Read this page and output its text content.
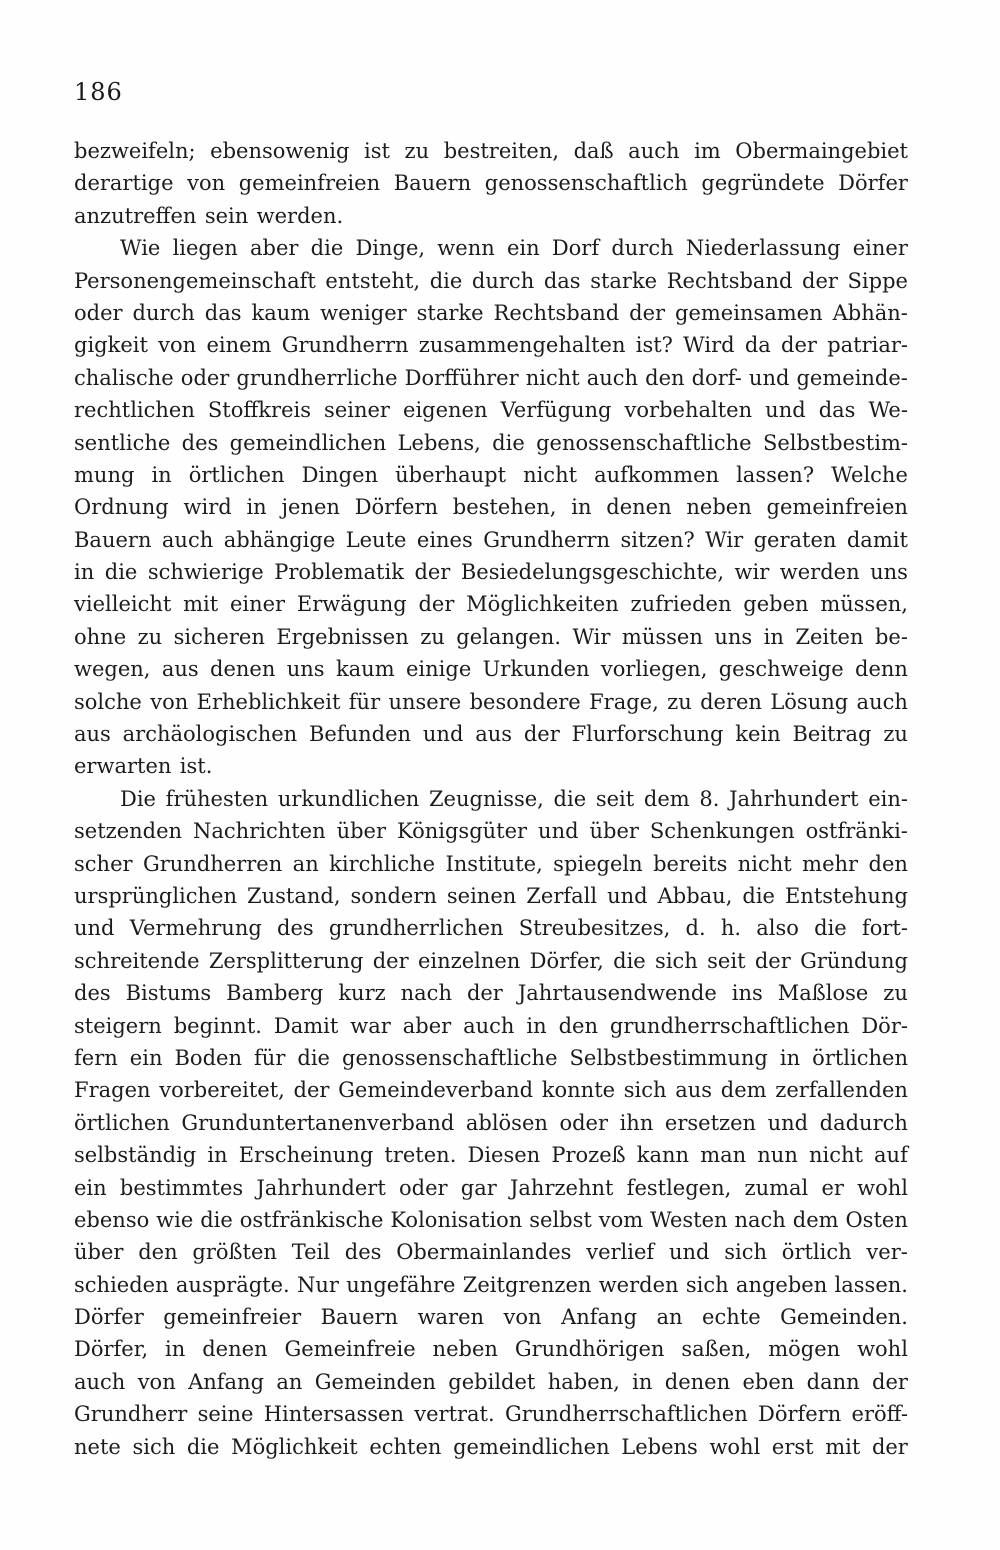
186
bezweifeln; ebensowenig ist zu bestreiten, daß auch im Obermaingebiet
derartige von gemeinfreien Bauern genossenschaftlich gegründete Dörfer
anzutreffen sein werden.
Wie liegen aber die Dinge, wenn ein Dorf durch Niederlassung einer
Personengemeinschaft entsteht, die durch das starke Rechtsband der Sippe
oder durch das kaum weniger starke Rechtsband der gemeinsamen Abhän-
gigkeit von einem Grundherrn zusammengehalten ist? Wird da der patriar-
chalische oder grundherrliche Dorfführer nicht auch den dorf- und gemeinde-
rechtlichen Stoffkreis seiner eigenen Verfügung vorbehalten und das We-
sentliche des gemeindlichen Lebens, die genossenschaftliche Selbstbestim-
mung in örtlichen Dingen überhaupt nicht aufkommen lassen? Welche
Ordnung wird in jenen Dörfern bestehen, in denen neben gemeinfreien
Bauern auch abhängige Leute eines Grundherrn sitzen? Wir geraten damit
in die schwierige Problematik der Besiedelungsgeschichte, wir werden uns
vielleicht mit einer Erwägung der Möglichkeiten zufrieden geben müssen,
ohne zu sicheren Ergebnissen zu gelangen. Wir müssen uns in Zeiten be-
wegen, aus denen uns kaum einige Urkunden vorliegen, geschweige denn
solche von Erheblichkeit für unsere besondere Frage, zu deren Lösung auch
aus archäologischen Befunden und aus der Flurforschung kein Beitrag zu
erwarten ist.
Die frühesten urkundlichen Zeugnisse, die seit dem 8. Jahrhundert ein-
setzenden Nachrichten über Königsgüter und über Schenkungen ostfränki-
scher Grundherren an kirchliche Institute, spiegeln bereits nicht mehr den
ursprünglichen Zustand, sondern seinen Zerfall und Abbau, die Entstehung
und Vermehrung des grundherrlichen Streubesitzes, d. h. also die fort-
schreitende Zersplitterung der einzelnen Dörfer, die sich seit der Gründung
des Bistums Bamberg kurz nach der Jahrtausendwende ins Maßlose zu
steigern beginnt. Damit war aber auch in den grundherrschaftlichen Dör-
fern ein Boden für die genossenschaftliche Selbstbestimmung in örtlichen
Fragen vorbereitet, der Gemeindeverband konnte sich aus dem zerfallenden
örtlichen Grunduntertanenverband ablösen oder ihn ersetzen und dadurch
selbständig in Erscheinung treten. Diesen Prozeß kann man nun nicht auf
ein bestimmtes Jahrhundert oder gar Jahrzehnt festlegen, zumal er wohl
ebenso wie die ostfränkische Kolonisation selbst vom Westen nach dem Osten
über den größten Teil des Obermainlandes verlief und sich örtlich ver-
schieden ausprägte. Nur ungefähre Zeitgrenzen werden sich angeben lassen.
Dörfer gemeinfreier Bauern waren von Anfang an echte Gemeinden.
Dörfer, in denen Gemeinfreie neben Grundhörigen saßen, mögen wohl
auch von Anfang an Gemeinden gebildet haben, in denen eben dann der
Grundherr seine Hintersassen vertrat. Grundherrschaftlichen Dörfern eröff-
nete sich die Möglichkeit echten gemeindlichen Lebens wohl erst mit der
